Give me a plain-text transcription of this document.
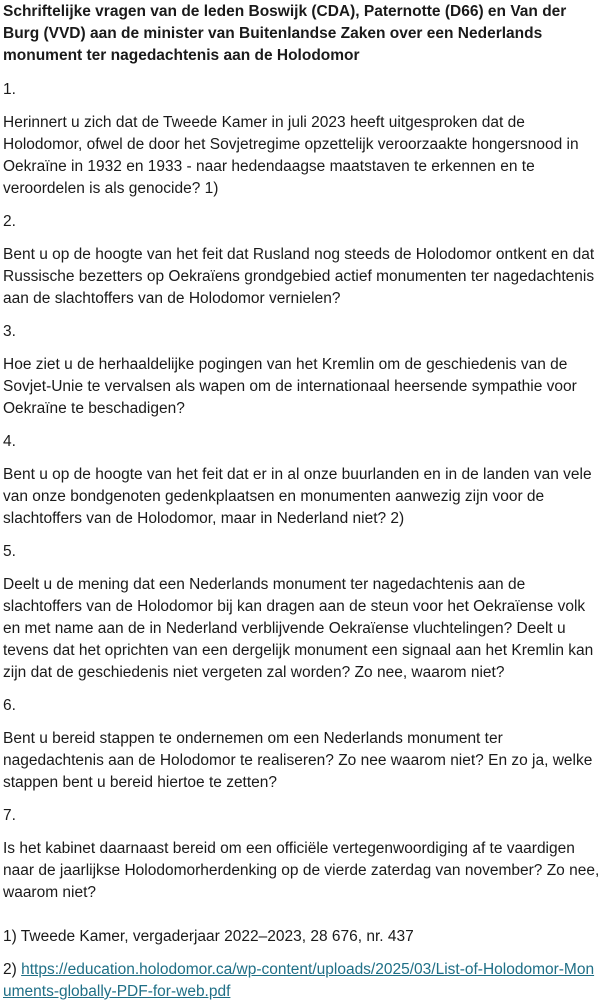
Schriftelijke vragen van de leden Boswijk (CDA), Paternotte (D66) en Van der Burg (VVD) aan de minister van Buitenlandse Zaken over een Nederlands monument ter nagedachtenis aan de Holodomor

1.

Herinnert u zich dat de Tweede Kamer in juli 2023 heeft uitgesproken dat de Holodomor, ofwel de door het Sovjetregime opzettelijk veroorzaakte hongersnood in Oekraïne in 1932 en 1933 - naar hedendaagse maatstaven te erkennen en te veroordelen is als genocide? 1)

2.

Bent u op de hoogte van het feit dat Rusland nog steeds de Holodomor ontkent en dat Russische bezetters op Oekraïens grondgebied actief monumenten ter nagedachtenis aan de slachtoffers van de Holodomor vernielen?

3.

Hoe ziet u de herhaaldelijke pogingen van het Kremlin om de geschiedenis van de Sovjet-Unie te vervalsen als wapen om de internationaal heersende sympathie voor Oekraïne te beschadigen?

4.

Bent u op de hoogte van het feit dat er in al onze buurlanden en in de landen van vele van onze bondgenoten gedenkplaatsen en monumenten aanwezig zijn voor de slachtoffers van de Holodomor, maar in Nederland niet? 2)

5.

Deelt u de mening dat een Nederlands monument ter nagedachtenis aan de slachtoffers van de Holodomor bij kan dragen aan de steun voor het Oekraïense volk en met name aan de in Nederland verblijvende Oekraïense vluchtelingen? Deelt u tevens dat het oprichten van een dergelijk monument een signaal aan het Kremlin kan zijn dat de geschiedenis niet vergeten zal worden? Zo nee, waarom niet?

6.

Bent u bereid stappen te ondernemen om een Nederlands monument ter nagedachtenis aan de Holodomor te realiseren? Zo nee waarom niet? En zo ja, welke stappen bent u bereid hiertoe te zetten?

7.

Is het kabinet daarnaast bereid om een officiële vertegenwoordiging af te vaardigen naar de jaarlijkse Holodomorherdenking op de vierde zaterdag van november? Zo nee, waarom niet?

1) Tweede Kamer, vergaderjaar 2022–2023, 28 676, nr. 437

2) https://education.holodomor.ca/wp-content/uploads/2025/03/List-of-Holodomor-Monuments-globally-PDF-for-web.pdf
